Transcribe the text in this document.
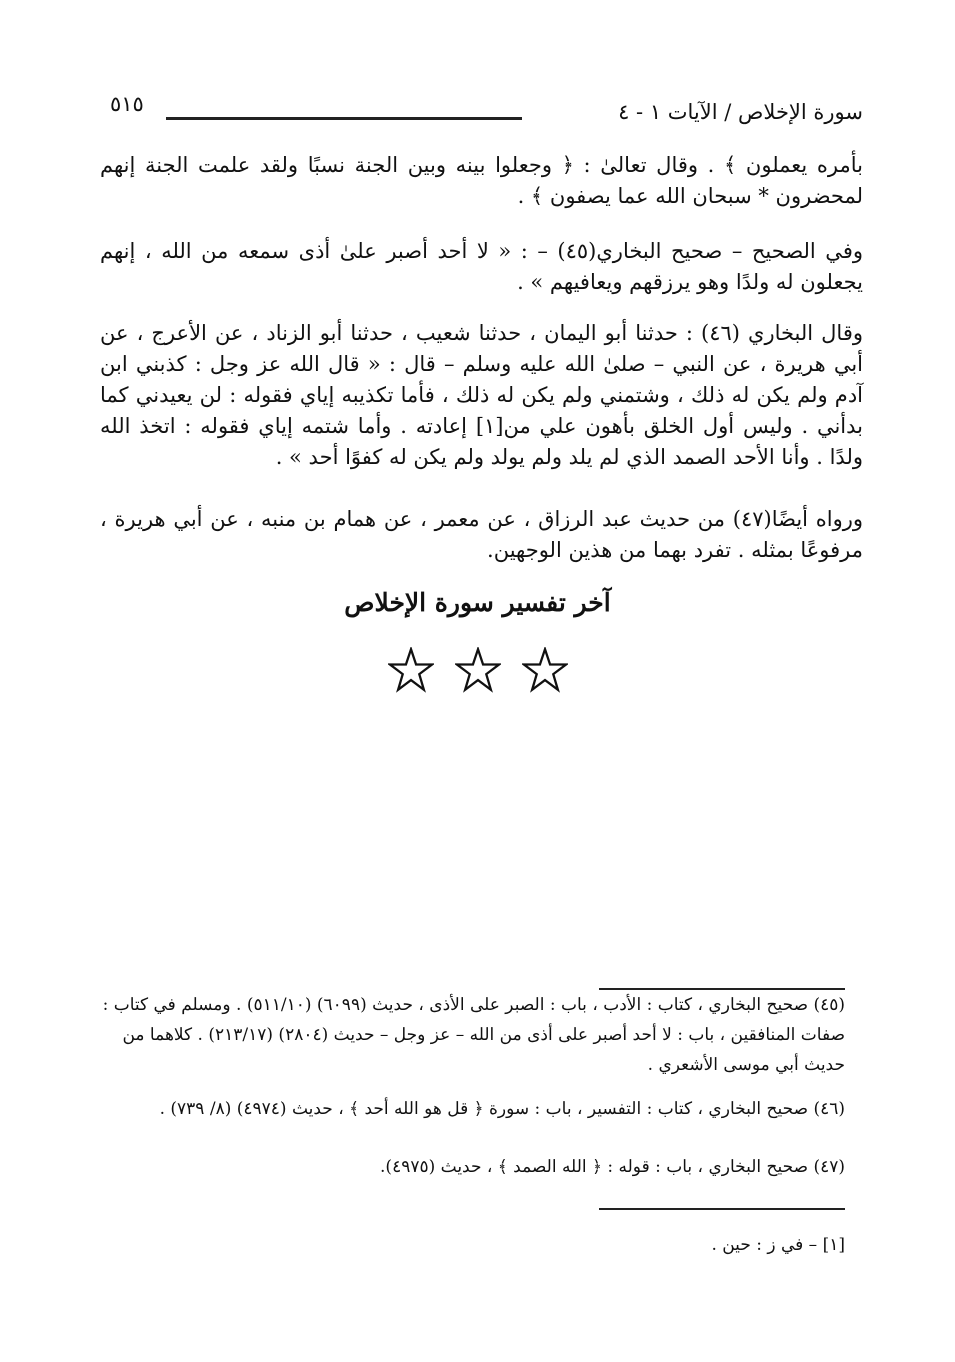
٥١٥	سورة الإخلاص / الآيات ١ - ٤
بأمره يعملون ﴾ . وقال تعالىٰ : ﴿ وجعلوا بينه وبين الجنة نسبًا ولقد علمت الجنة إنهم لمحضرون * سبحان الله عما يصفون ﴾ .
وفي الصحيح – صحيح البخاري(٤٥) – : « لا أحد أصبر علىٰ أذى سمعه من الله ، إنهم يجعلون له ولدًا وهو يرزقهم ويعافيهم » .
وقال البخاري (٤٦) : حدثنا أبو اليمان ، حدثنا شعيب ، حدثنا أبو الزناد ، عن الأعرج ، عن أبي هريرة ، عن النبي – صلىٰ الله عليه وسلم – قال : « قال الله عز وجل : كذبني ابن آدم ولم يكن له ذلك ، وشتمني ولم يكن له ذلك ، فأما تكذيبه إياي فقوله : لن يعيدني كما بدأني . وليس أول الخلق بأهون علي من[١] إعادته . وأما شتمه إياي فقوله : اتخذ الله ولدًا . وأنا الأحد الصمد الذي لم يلد ولم يولد ولم يكن له كفوًا أحد » .
ورواه أيضًا(٤٧) من حديث عبد الرزاق ، عن معمر ، عن همام بن منبه ، عن أبي هريرة ، مرفوعًا بمثله . تفرد بهما من هذين الوجهين.
آخر تفسير سورة الإخلاص
(٤٥) صحيح البخاري ، كتاب : الأدب ، باب : الصبر على الأذى ، حديث (٦٠٩٩) (٥١١/١٠) . ومسلم في كتاب : صفات المنافقين ، باب : لا أحد أصبر على أذى من الله – عز وجل – حديث (٢٨٠٤) (٢١٣/١٧) . كلاهما من حديث أبي موسى الأشعري .
(٤٦) صحيح البخاري ، كتاب : التفسير ، باب : سورة ﴿ قل هو الله أحد ﴾ ، حديث (٤٩٧٤) (٨/ ٧٣٩) .
(٤٧) صحيح البخاري ، باب : قوله : ﴿ الله الصمد ﴾ ، حديث (٤٩٧٥).
[١] – في ز : حين .
